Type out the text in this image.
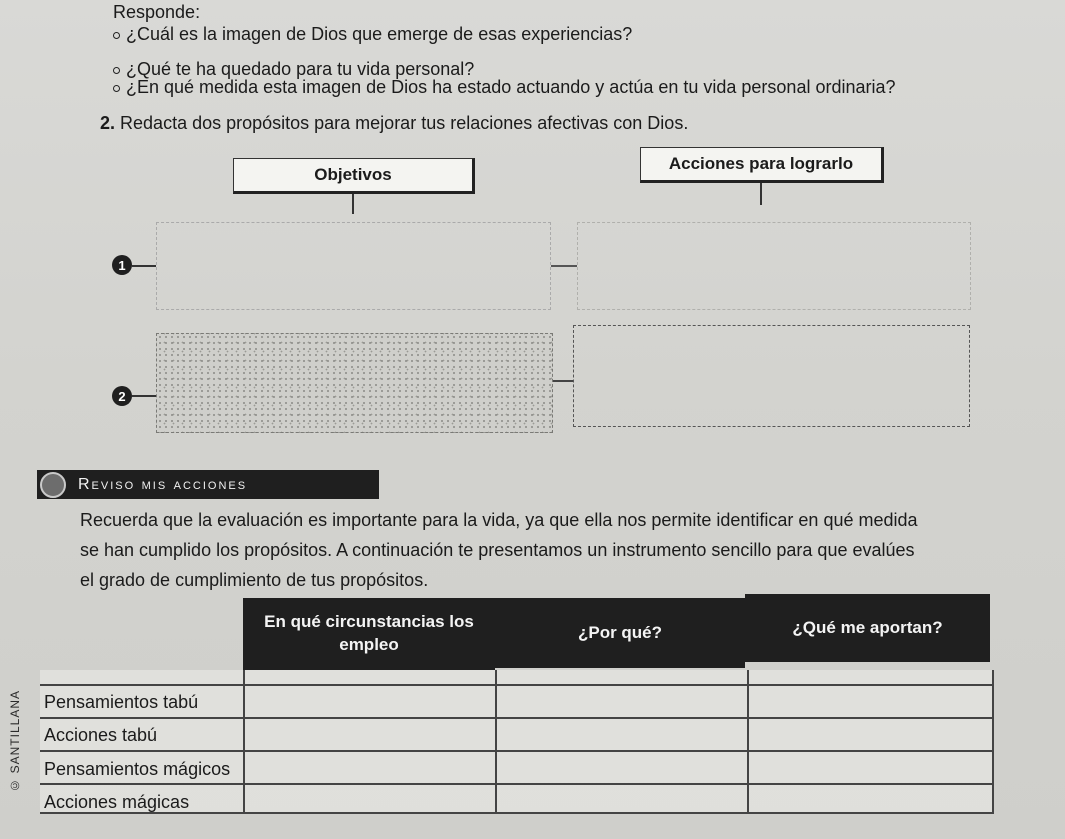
Responde:
¿Cuál es la imagen de Dios que emerge de esas experiencias?
¿Qué te ha quedado para tu vida personal?
¿En qué medida esta imagen de Dios ha estado actuando y actúa en tu vida personal ordinaria?
2. Redacta dos propósitos para mejorar tus relaciones afectivas con Dios.
Objetivos
Acciones para lograrlo
1
2
Reviso mis acciones
Recuerda que la evaluación es importante para la vida, ya que ella nos permite identificar en qué medida
se han cumplido los propósitos. A continuación te presentamos un instrumento sencillo para que evalúes
el grado de cumplimiento de tus propósitos.
En qué circunstancias los empleo
¿Por qué?	¿Qué me aportan?
Pensamientos tabú
Acciones tabú
Pensamientos mágicos
Acciones mágicas
© SANTILLANA
